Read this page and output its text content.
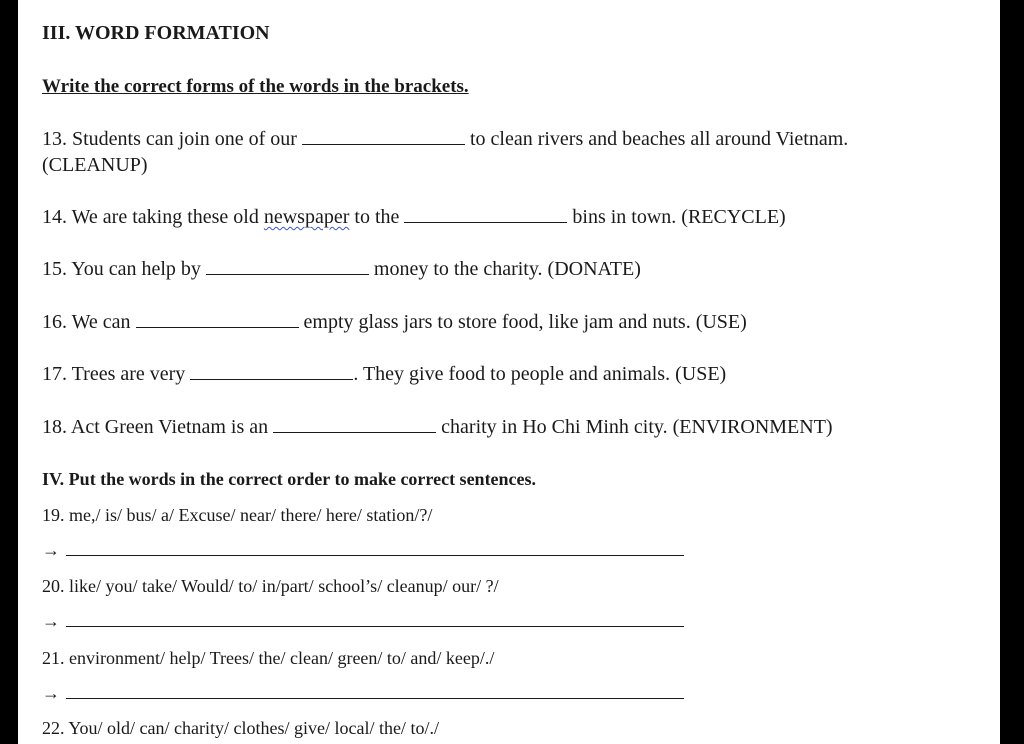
III. WORD FORMATION
Write the correct forms of the words in the brackets.
13. Students can join one of our	to clean rivers and beaches all around Vietnam.
(CLEANUP)
14. We are taking these old newspaper to the	bins in town. (RECYCLE)
15. You can help by	money to the charity. (DONATE)
16. We can	empty glass jars to store food, like jam and nuts. (USE)
17. Trees are very	. They give food to people and animals. (USE)
18. Act Green Vietnam is an	charity in Ho Chi Minh city. (ENVIRONMENT)
IV. Put the words in the correct order to make correct sentences.
19. me,/ is/ bus/ a/ Excuse/ near/ there/ here/ station/?/
→
20. like/ you/ take/ Would/ to/ in/part/ school’s/ cleanup/ our/ ?/
→
21. environment/ help/ Trees/ the/ clean/ green/ to/ and/ keep/./
→
22. You/ old/ can/ charity/ clothes/ give/ local/ the/ to/./
